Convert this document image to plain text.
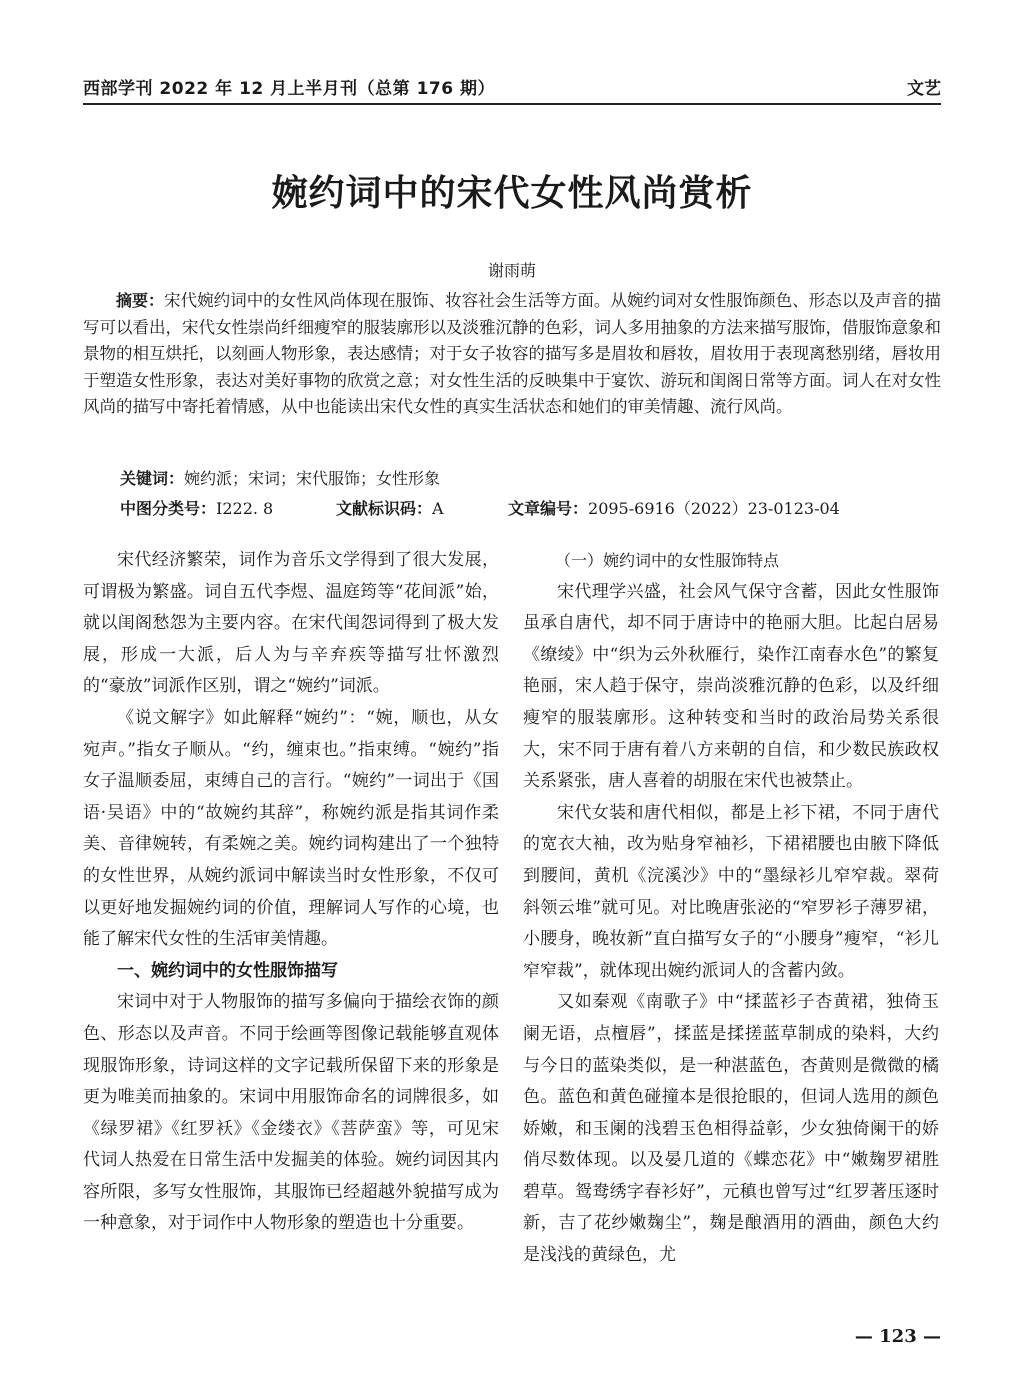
西部学刊 2022 年 12 月上半月刊（总第 176 期）	文艺
婉约词中的宋代女性风尚赏析
谢雨萌

摘要：宋代婉约词中的女性风尚体现在服饰、妆容社会生活等方面。从婉约词对女性服饰颜色、形态以及声音的描写可以看出，宋代女性崇尚纤细瘦窄的服装廓形以及淡雅沉静的色彩，词人多用抽象的方法来描写服饰，借服饰意象和景物的相互烘托，以刻画人物形象，表达感情；对于女子妆容的描写多是眉妆和唇妆，眉妆用于表现离愁别绪，唇妆用于塑造女性形象，表达对美好事物的欣赏之意；对女性生活的反映集中于宴饮、游玩和闺阁日常等方面。词人在对女性风尚的描写中寄托着情感，从中也能读出宋代女性的真实生活状态和她们的审美情趣、流行风尚。

关键词：婉约派；宋词；宋代服饰；女性形象
中图分类号：I222. 8	文献标识码：A	文章编号：2095-6916（2022）23-0123-04

宋代经济繁荣，词作为音乐文学得到了很大发展，可谓极为繁盛。词自五代李煜、温庭筠等“花间派”始，就以闺阁愁怨为主要内容。在宋代闺怨词得到了极大发展，形成一大派，后人为与辛弃疾等描写壮怀激烈的“豪放”词派作区别，谓之“婉约”词派。

《说文解字》如此解释“婉约”：“婉，顺也，从女宛声。”指女子顺从。“约，缠束也。”指束缚。“婉约”指女子温顺委屈，束缚自己的言行。“婉约”一词出于《国语·吴语》中的“故婉约其辞”，称婉约派是指其词作柔美、音律婉转，有柔婉之美。婉约词构建出了一个独特的女性世界，从婉约派词中解读当时女性形象，不仅可以更好地发掘婉约词的价值，理解词人写作的心境，也能了解宋代女性的生活审美情趣。

一、婉约词中的女性服饰描写

宋词中对于人物服饰的描写多偏向于描绘衣饰的颜色、形态以及声音。不同于绘画等图像记载能够直观体现服饰形象，诗词这样的文字记载所保留下来的形象是更为唯美而抽象的。宋词中用服饰命名的词牌很多，如《绿罗裙》《红罗袄》《金缕衣》《菩萨蛮》等，可见宋代词人热爱在日常生活中发掘美的体验。婉约词因其内容所限，多写女性服饰，其服饰已经超越外貌描写成为一种意象，对于词作中人物形象的塑造也十分重要。

（一）婉约词中的女性服饰特点

宋代理学兴盛，社会风气保守含蓄，因此女性服饰虽承自唐代，却不同于唐诗中的艳丽大胆。比起白居易《缭绫》中“织为云外秋雁行，染作江南春水色”的繁复艳丽，宋人趋于保守，崇尚淡雅沉静的色彩，以及纤细瘦窄的服装廓形。这种转变和当时的政治局势关系很大，宋不同于唐有着八方来朝的自信，和少数民族政权关系紧张，唐人喜着的胡服在宋代也被禁止。

宋代女装和唐代相似，都是上衫下裙，不同于唐代的宽衣大袖，改为贴身窄袖衫，下裙裙腰也由腋下降低到腰间，黄机《浣溪沙》中的“墨绿衫儿窄窄裁。翠荷斜领云堆”就可见。对比晚唐张泌的“窄罗衫子薄罗裙，小腰身，晚妆新”直白描写女子的“小腰身”瘦窄，“衫儿窄窄裁”，就体现出婉约派词人的含蓄内敛。

又如秦观《南歌子》中“揉蓝衫子杏黄裙，独倚玉阑无语，点檀唇”，揉蓝是揉搓蓝草制成的染料，大约与今日的蓝染类似，是一种湛蓝色，杏黄则是微微的橘色。蓝色和黄色碰撞本是很抢眼的，但词人选用的颜色娇嫩，和玉阑的浅碧玉色相得益彰，少女独倚阑干的娇俏尽数体现。以及晏几道的《蝶恋花》中“嫩麹罗裙胜碧草。鸳鸯绣字春衫好”，元稹也曾写过“红罗著压逐时新，吉了花纱嫩麹尘”，麹是酿酒用的酒曲，颜色大约是浅浅的黄绿色，尤

— 123 —
